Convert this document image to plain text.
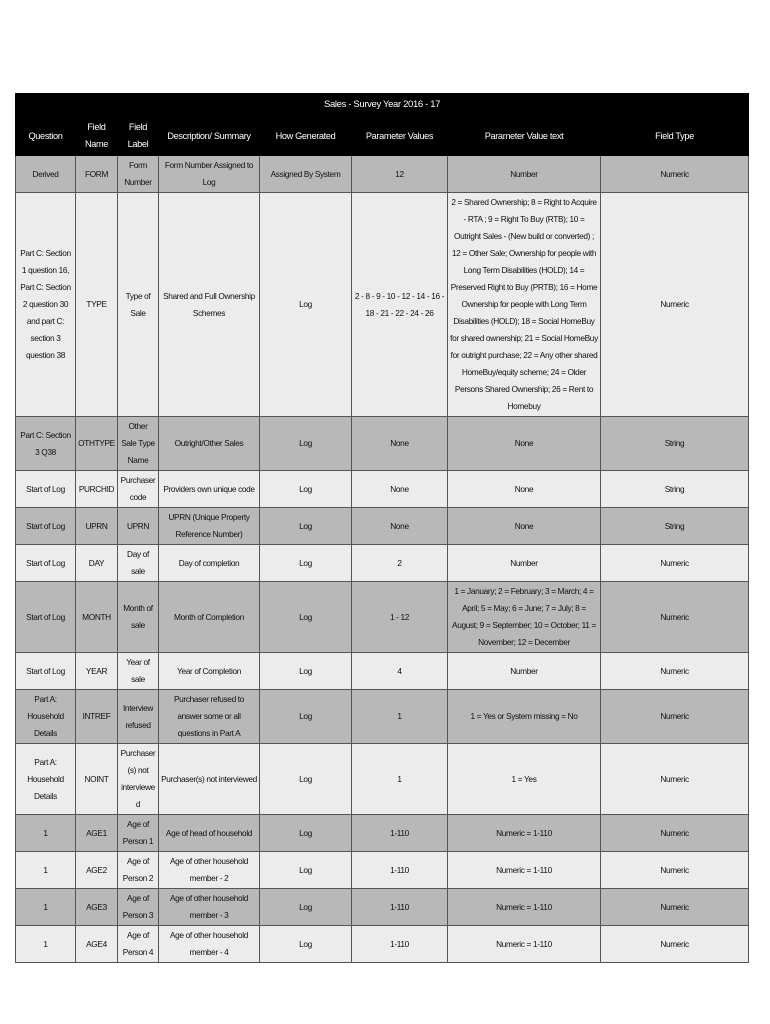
Sales - Survey Year 2016 - 17							
Question	Field Name	Field Label	Description/ Summary	How Generated	Parameter Values	Parameter Value text	Field Type
Derived	FORM	Form Number	Form Number Assigned to Log	Assigned By System	12	Number	Numeric
Part C: Section 1 question 16, Part C: Section 2 question 30 and part C: section 3 question 38	TYPE	Type of Sale	Shared and Full Ownership Schemes	Log	2 - 8 - 9 - 10 - 12 - 14 - 16 - 18 - 21 - 22 - 24 - 26	2 = Shared Ownership; 8 = Right to Acquire - RTA ; 9 = Right To Buy (RTB); 10 = Outright Sales - (New build or converted) ; 12 = Other Sale; Ownership for people with Long Term Disabilities (HOLD); 14 = Preserved Right to Buy (PRTB); 16 = Home Ownership for people with Long Term Disabilities (HOLD); 18 = Social HomeBuy for shared ownership; 21 = Social HomeBuy for outright purchase; 22 = Any other shared HomeBuy/equity scheme; 24 = Older Persons Shared Ownership; 26 = Rent to Homebuy	Numeric
Part C: Section 3 Q38	OTHTYPE	Other Sale Type Name	Outright/Other Sales	Log	None	None	String
Start of Log	PURCHID	Purchaser code	Providers own unique code	Log	None	None	String
Start of Log	UPRN	UPRN	UPRN (Unique Property Reference Number)	Log	None	None	String
Start of Log	DAY	Day of sale	Day of completion	Log	2	Number	Numeric
Start of Log	MONTH	Month of sale	Month of Completion	Log	1 - 12	1 = January; 2 = February; 3 = March; 4 = April; 5 = May; 6 = June; 7 = July; 8 = August; 9 = September; 10 = October; 11 = November; 12 = December	Numeric
Start of Log	YEAR	Year of sale	Year of Completion	Log	4	Number	Numeric
Part A: Household Details	INTREF	Interview refused	Purchaser refused to answer some or all questions in Part A	Log	1	1 = Yes or System missing = No	Numeric
Part A: Household Details	NOINT	Purchaser(s) not interviewed	Purchaser(s) not interviewed	Log	1	1 = Yes	Numeric
1	AGE1	Age of Person 1	Age of head of household	Log	1-110	Numeric = 1-110	Numeric
1	AGE2	Age of Person 2	Age of other household member - 2	Log	1-110	Numeric = 1-110	Numeric
1	AGE3	Age of Person 3	Age of other household member - 3	Log	1-110	Numeric = 1-110	Numeric
1	AGE4	Age of Person 4	Age of other household member - 4	Log	1-110	Numeric = 1-110	Numeric
